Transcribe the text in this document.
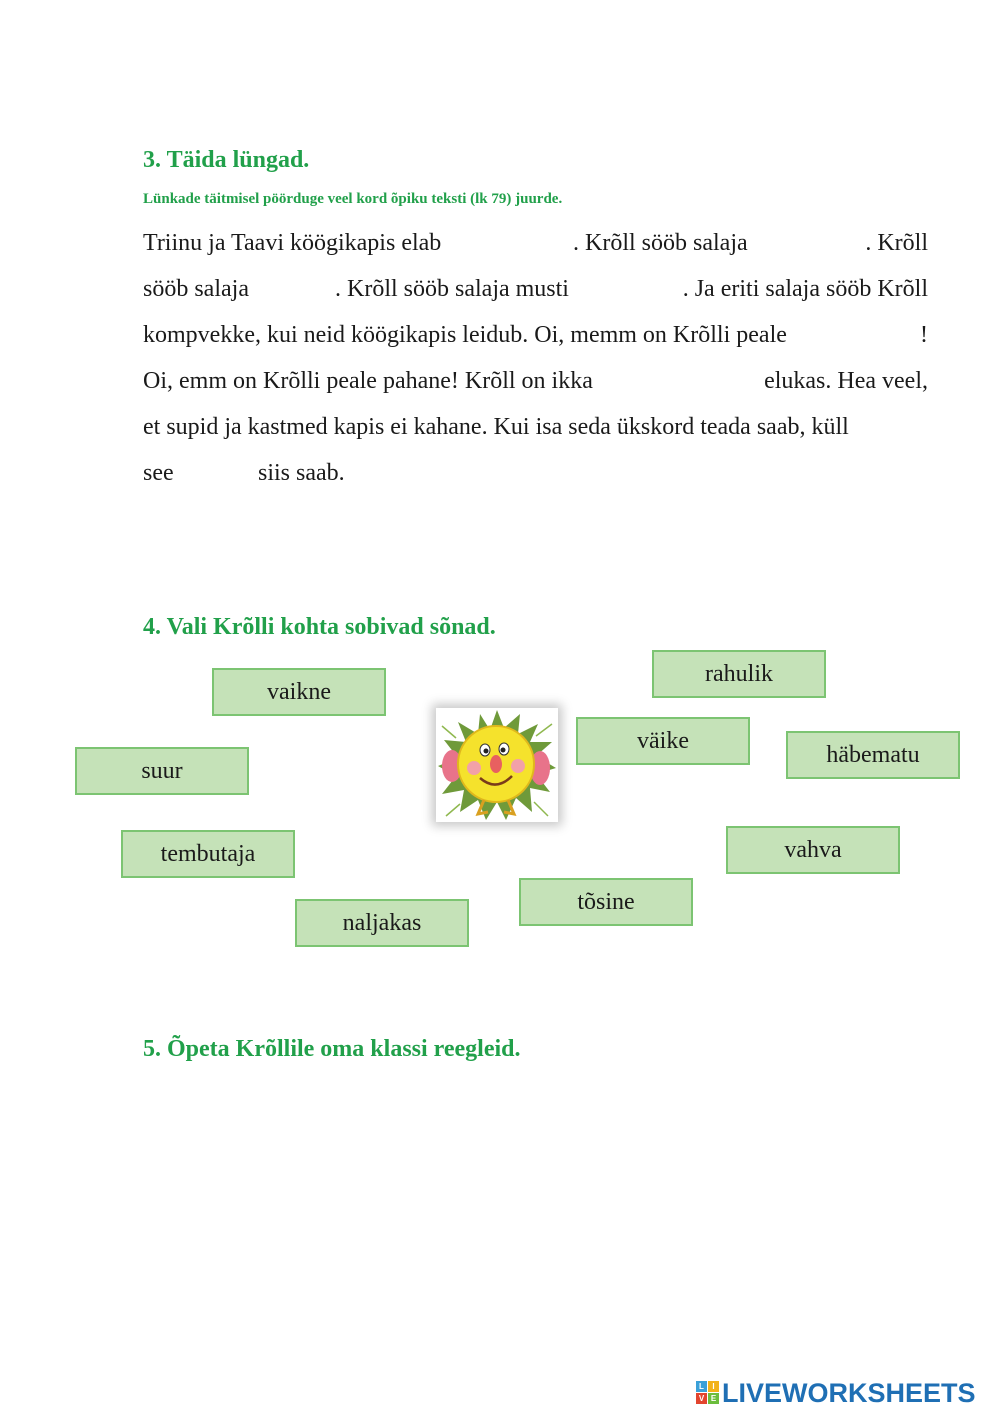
3. Täida lüngad.
Lünkade täitmisel pöörduge veel kord õpiku teksti (lk 79) juurde.
Triinu ja Taavi köögikapis elab	. Krõll sööb salaja	. Krõll
sööb salaja	. Krõll sööb salaja musti	. Ja eriti salaja sööb Krõll
kompvekke, kui neid köögikapis leidub. Oi, memm on Krõlli peale	!
Oi, emm on Krõlli peale pahane! Krõll on ikka	elukas. Hea veel,
et supid ja kastmed kapis ei kahane. Kui isa seda ükskord teada saab, küll
see	siis saab.
4. Vali Krõlli kohta sobivad sõnad.
vaikne
rahulik
väike
häbematu
suur
tembutaja	vahva
tõsine
naljakas
5. Õpeta Krõllile oma klassi reegleid.
L	I
V E LIVEWORKSHEETS
